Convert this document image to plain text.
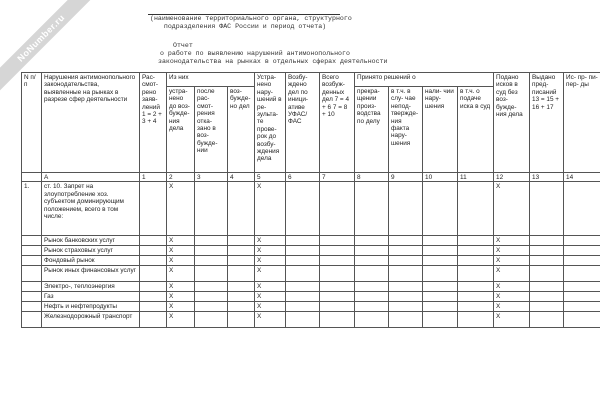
NoNumber.ru	(наименование территориального органа, структурного
подразделения ФАС России и период отчета)
Отчет
о работе по выявлению нарушений антимонопольного
законодательства на рынках в отдельных сферах деятельности
N п/п	Нарушения антимонопольного законодательства, выявленные на рынках в разрезе сфер деятельности	Рас- смот- рено заяв- лений 1 = 2 + 3 + 4	Из них			Устра- нено нару- шений в ре- зульта- те прове- рок до возбу- ждения дела	Возбу- ждено дел по иници- ативе УФАС/ ФАС	Всего возбуж- денных дел 7 = 4 + 6 7 = 8 + 10	Принято решений о				Подано исков в суд без воз- бужде- ния дела	Выдано пред- писаний 13 = 15 + 16 + 17	Ис- пр- пи- пер- ды
			устра- нено до воз- бужде- ния дела	после рас- смот- рения отка- зано в воз- бужде- нии	воз- бужде- но дел				прекра- щении произ- водства по делу	в т.ч. в слу- чае непод- твержде- ния факта нару- шения	нали- чии нару- шения	в т.ч. о подаче иска в суд			
	А	1	2	3	4	5	6	7	8	9	10	11	12	13	14
1.	ст. 10. Запрет на злоупотребление хоз. субъектом доминирующим положением, всего в том числе:		X			X							X		
	Рынок банковских услуг		X			X							X		
	Рынок страховых услуг		X			X							X		
	Фондовый рынок		X			X							X		
	Рынок иных финансовых услуг		X			X							X		
	Электро-, теплоэнергия		X			X							X		
	Газ		X			X							X		
	Нефть и нефтепродукты		X			X							X		
	Железнодорожный транспорт		X			X							X		
